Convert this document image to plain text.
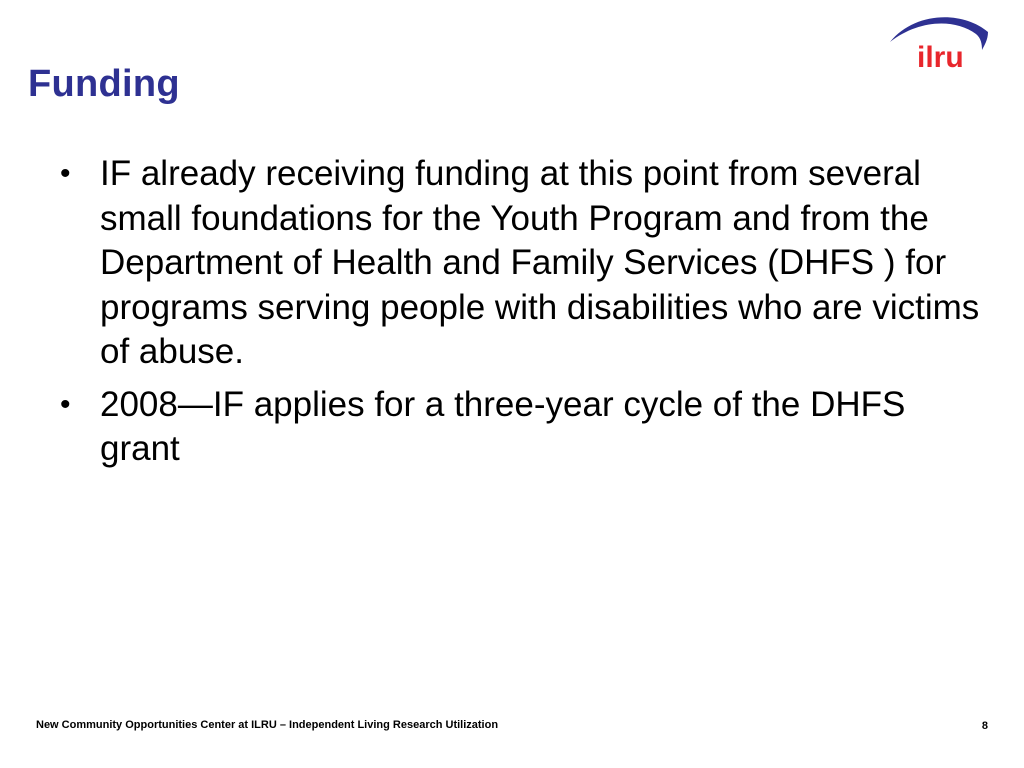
Funding
ilru
• IF already receiving funding at this point from several small foundations for the Youth Program and from the Department of Health and Family Services (DHFS ) for programs serving people with disabilities who are victims of abuse.
• 2008—IF applies for a three-year cycle of the DHFS grant
New Community Opportunities Center at ILRU – Independent Living Research Utilization	8
